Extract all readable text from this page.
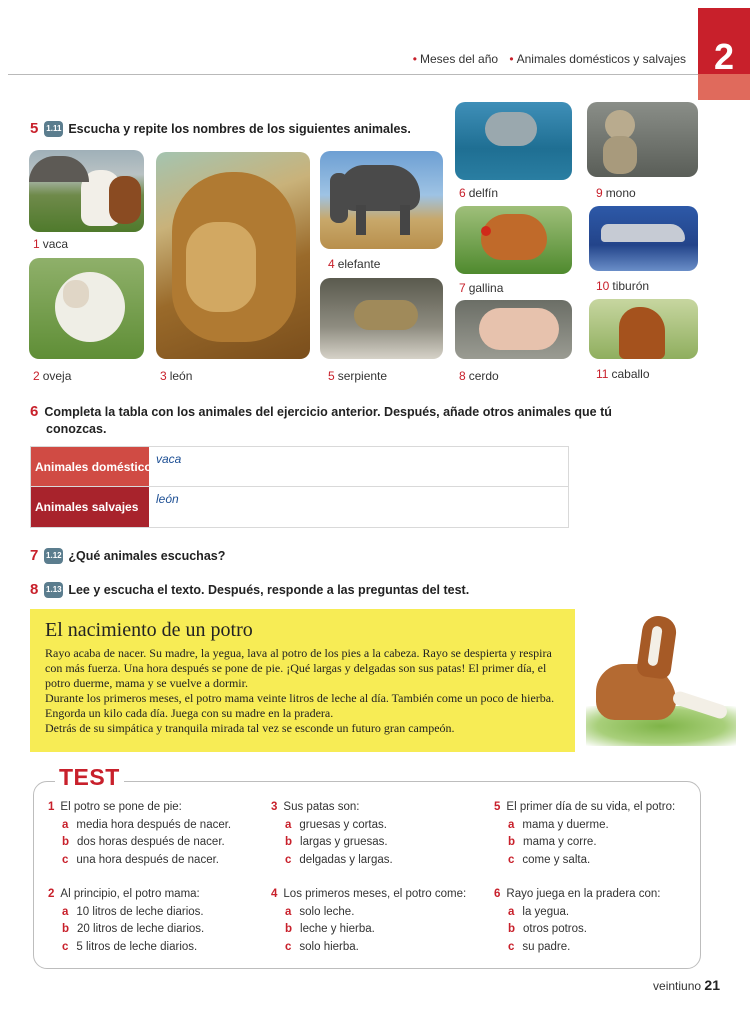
• Meses del año • Animales domésticos y salvajes 2
5 1.11 Escucha y repite los nombres de los siguientes animales.
1 vaca
2 oveja	3 león
4 elefante
5 serpiente
6 delfín
7 gallina
8 cerdo
9 mono
10 tiburón
11 caballo
6 Completa la tabla con los animales del ejercicio anterior. Después, añade otros animales que tú
conozcas.
Animales domésticos
vaca
Animales salvajes
león
7 1.12 ¿Qué animales escuchas?
8 1.13 Lee y escucha el texto. Después, responde a las preguntas del test.
El nacimiento de un potro

Rayo acaba de nacer. Su madre, la yegua, lava al potro de los pies a la cabeza. Rayo se despierta y respira con más fuerza. Una hora después se pone de pie. ¡Qué largas y delgadas son sus patas! El primer día, el potro duerme, mama y se vuelve a dormir.

Durante los primeros meses, el potro mama veinte litros de leche al día. También come un poco de hierba. Engorda un kilo cada día. Juega con su madre en la pradera.

Detrás de su simpática y tranquila mirada tal vez se esconde un futuro gran campeón.

TEST
1 El potro se pone de pie:
a media hora después de nacer.
b dos horas después de nacer.
c una hora después de nacer.
2 Al principio, el potro mama:
a 10 litros de leche diarios.
b 20 litros de leche diarios.
c 5 litros de leche diarios.
3 Sus patas son:
a gruesas y cortas.
b largas y gruesas.
c delgadas y largas.
4 Los primeros meses, el potro come:
a solo leche.
b leche y hierba.
c solo hierba.
5 El primer día de su vida, el potro:
a mama y duerme.
b mama y corre.
c come y salta.
6 Rayo juega en la pradera con:
a la yegua.
b otros potros.
c su padre.
veintiuno 21
